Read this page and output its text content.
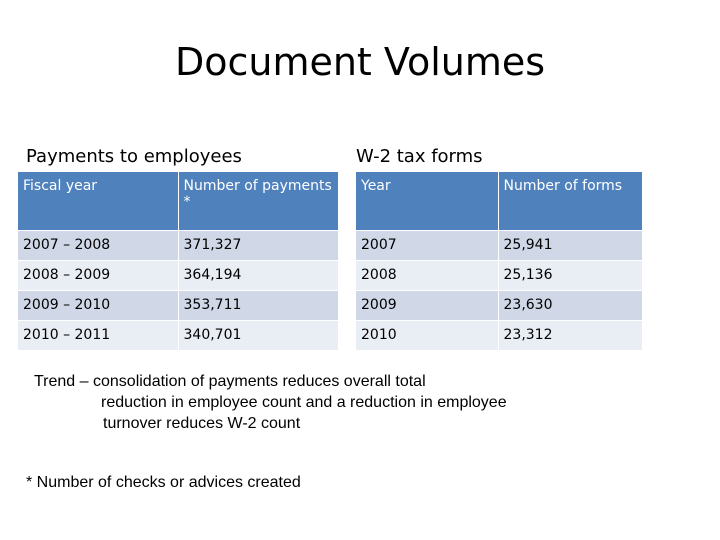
Document Volumes
Payments to employees	W-2 tax forms
Fiscal year	Number of payments *
2007 – 2008	371,327
2008 – 2009	364,194
2009 – 2010	353,711
2010 – 2011	340,701
Year	Number of forms
2007	25,941
2008	25,136
2009	23,630
2010	23,312
Trend – consolidation of payments reduces overall total
reduction in employee count and a reduction in employee
turnover reduces W-2 count
* Number of checks or advices created
